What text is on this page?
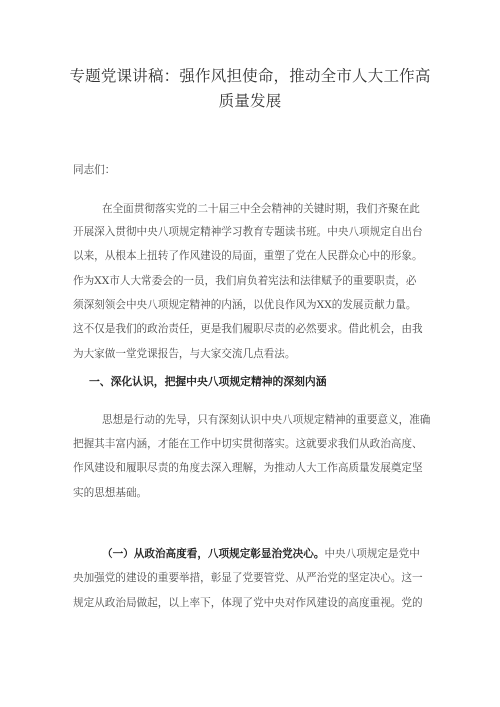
专题党课讲稿：强作风担使命，推动全市人大工作高
质量发展
同志们：
在全面贯彻落实党的二十届三中全会精神的关键时期，我们齐聚在此
开展深入贯彻中央八项规定精神学习教育专题读书班。中央八项规定自出台
以来，从根本上扭转了作风建设的局面，重塑了党在人民群众心中的形象。
作为XX市人大常委会的一员，我们肩负着宪法和法律赋予的重要职责，必
须深刻领会中央八项规定精神的内涵，以优良作风为XX的发展贡献力量。
这不仅是我们的政治责任，更是我们履职尽责的必然要求。借此机会，由我
为大家做一堂党课报告，与大家交流几点看法。
一、深化认识，把握中央八项规定精神的深刻内涵
思想是行动的先导，只有深刻认识中央八项规定精神的重要意义，准确
把握其丰富内涵，才能在工作中切实贯彻落实。这就要求我们从政治高度、
作风建设和履职尽责的角度去深入理解，为推动人大工作高质量发展奠定坚
实的思想基础。
（一）从政治高度看，八项规定彰显治党决心。中央八项规定是党中
央加强党的建设的重要举措，彰显了党要管党、从严治党的坚定决心。这一
规定从政治局做起，以上率下，体现了党中央对作风建设的高度重视。党的
